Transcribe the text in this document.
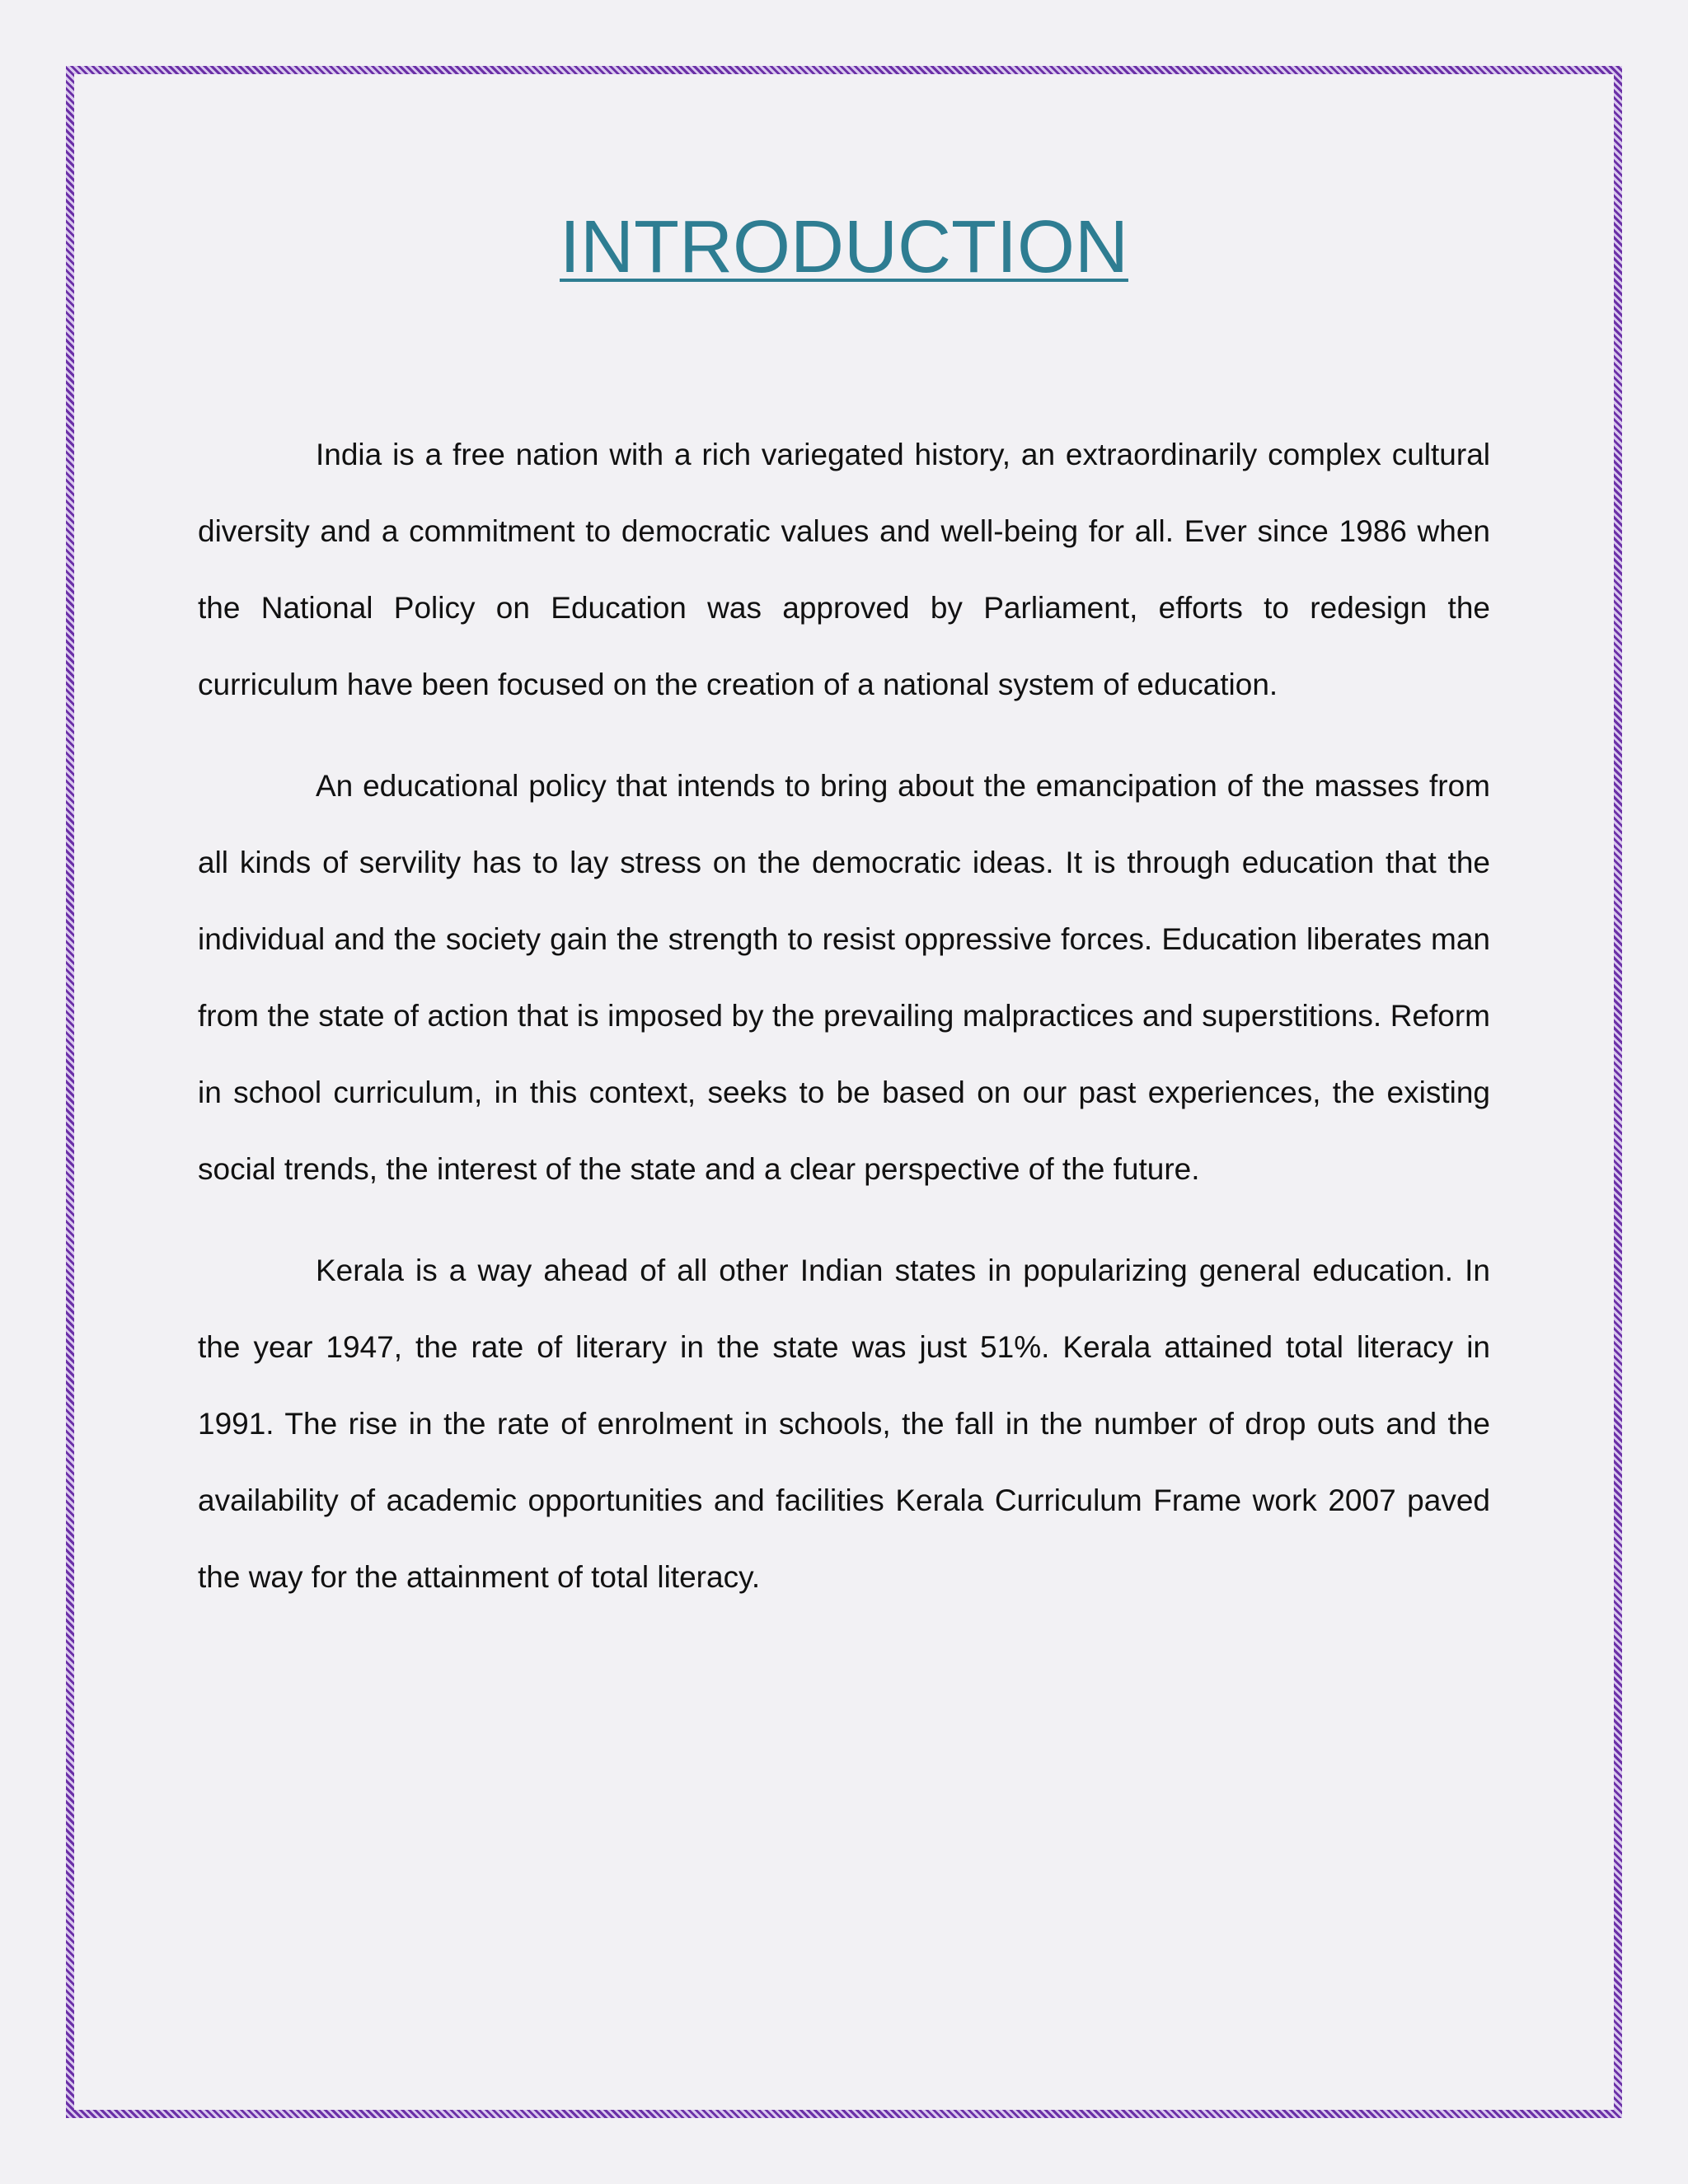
INTRODUCTION

India is a free nation with a rich variegated history, an extraordinarily complex cultural diversity and a commitment to democratic values and well-being for all. Ever since 1986 when the National Policy on Education was approved by Parliament, efforts to redesign the curriculum have been focused on the creation of a national system of education.

An educational policy that intends to bring about the emancipation of the masses from all kinds of servility has to lay stress on the democratic ideas. It is through education that the individual and the society gain the strength to resist oppressive forces. Education liberates man from the state of action that is imposed by the prevailing malpractices and superstitions. Reform in school curriculum, in this context, seeks to be based on our past experiences, the existing social trends, the interest of the state and a clear perspective of the future.

Kerala is a way ahead of all other Indian states in popularizing general education. In the year 1947, the rate of literary in the state was just 51%. Kerala attained total literacy in 1991. The rise in the rate of enrolment in schools, the fall in the number of drop outs and the availability of academic opportunities and facilities Kerala Curriculum Frame work 2007 paved the way for the attainment of total literacy.
